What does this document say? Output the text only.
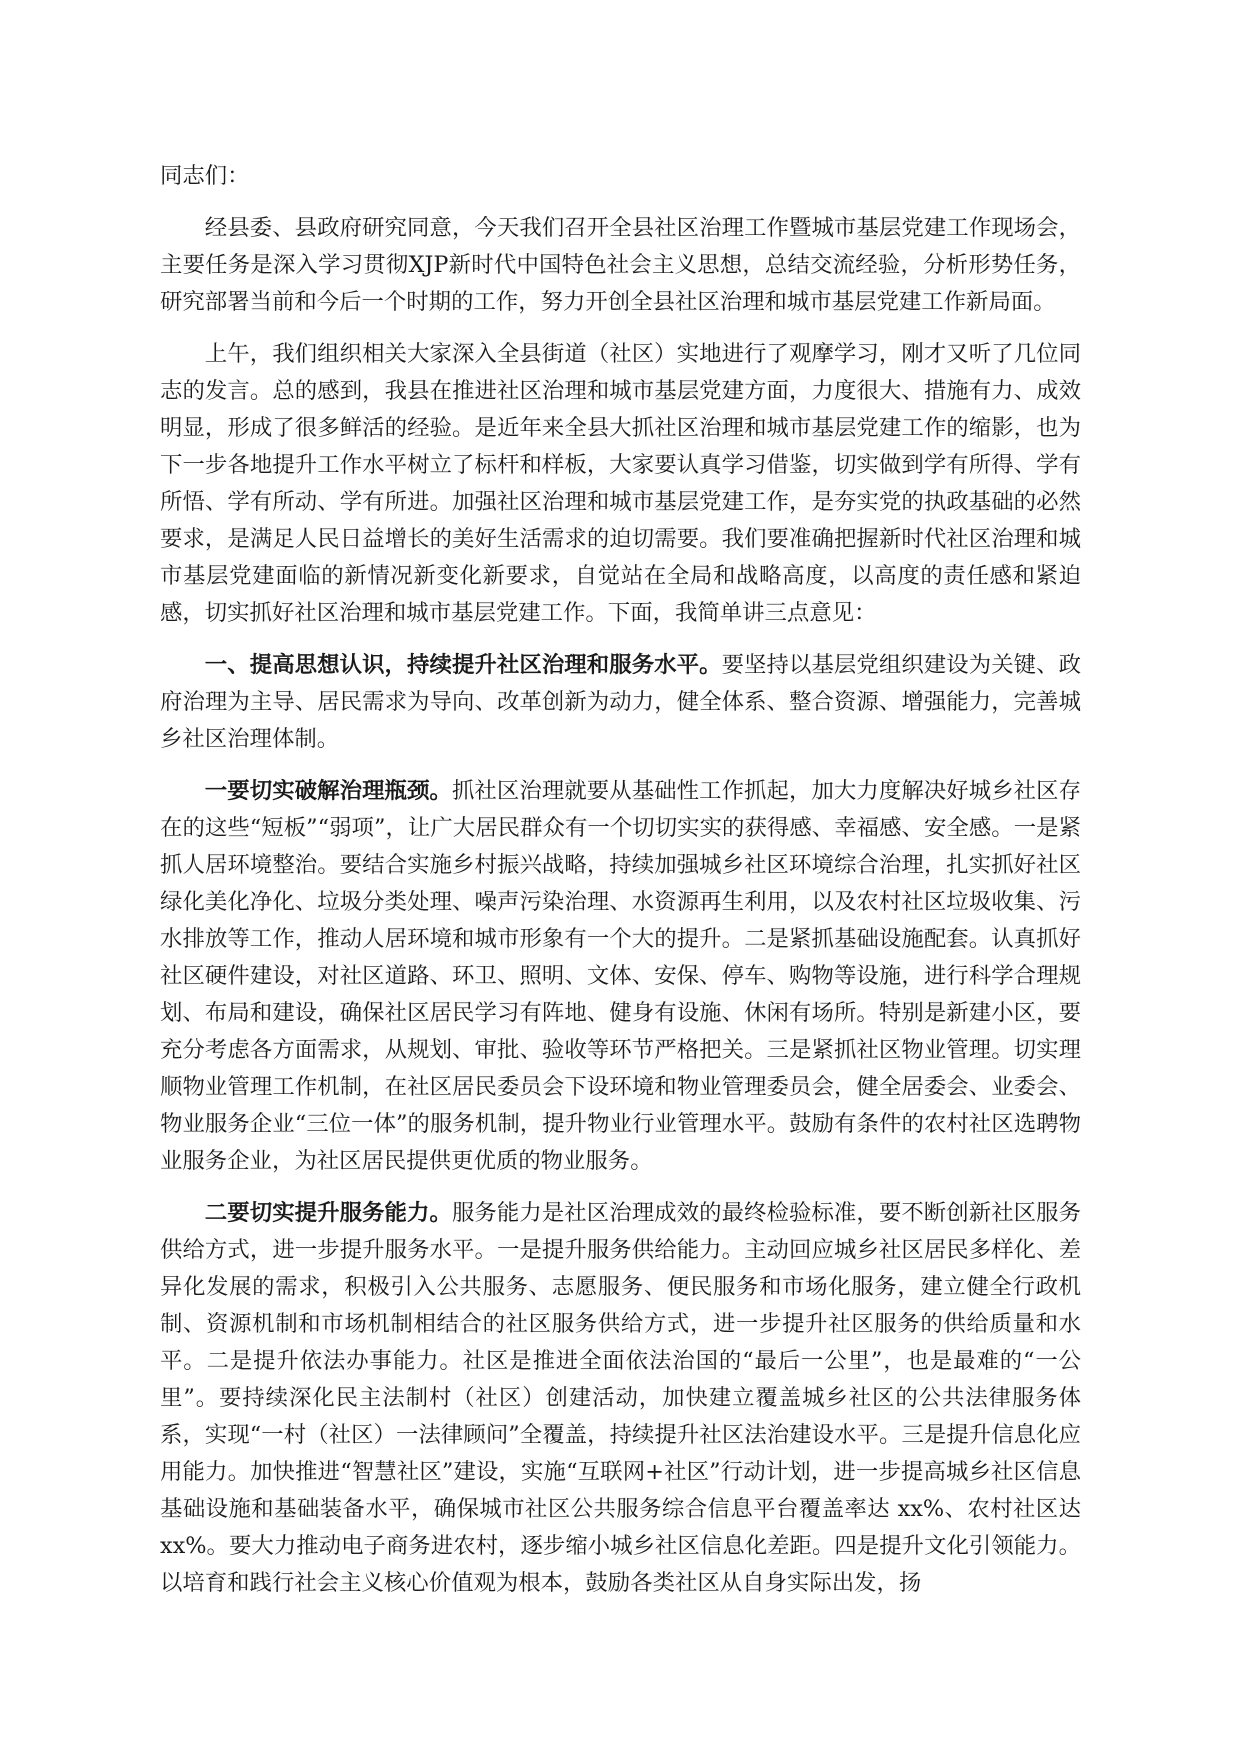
同志们：

经县委、县政府研究同意，今天我们召开全县社区治理工作暨城市基层党建工作现场会，主要任务是深入学习贯彻XJP新时代中国特色社会主义思想，总结交流经验，分析形势任务，研究部署当前和今后一个时期的工作，努力开创全县社区治理和城市基层党建工作新局面。

上午，我们组织相关大家深入全县街道（社区）实地进行了观摩学习，刚才又听了几位同志的发言。总的感到，我县在推进社区治理和城市基层党建方面，力度很大、措施有力、成效明显，形成了很多鲜活的经验。是近年来全县大抓社区治理和城市基层党建工作的缩影，也为下一步各地提升工作水平树立了标杆和样板，大家要认真学习借鉴，切实做到学有所得、学有所悟、学有所动、学有所进。加强社区治理和城市基层党建工作，是夯实党的执政基础的必然要求，是满足人民日益增长的美好生活需求的迫切需要。我们要准确把握新时代社区治理和城市基层党建面临的新情况新变化新要求，自觉站在全局和战略高度，以高度的责任感和紧迫感，切实抓好社区治理和城市基层党建工作。下面，我简单讲三点意见：

一、提高思想认识，持续提升社区治理和服务水平。要坚持以基层党组织建设为关键、政府治理为主导、居民需求为导向、改革创新为动力，健全体系、整合资源、增强能力，完善城乡社区治理体制。

一要切实破解治理瓶颈。抓社区治理就要从基础性工作抓起，加大力度解决好城乡社区存在的这些“短板”“弱项”，让广大居民群众有一个切切实实的获得感、幸福感、安全感。一是紧抓人居环境整治。要结合实施乡村振兴战略，持续加强城乡社区环境综合治理，扎实抓好社区绿化美化净化、垃圾分类处理、噪声污染治理、水资源再生利用，以及农村社区垃圾收集、污水排放等工作，推动人居环境和城市形象有一个大的提升。二是紧抓基础设施配套。认真抓好社区硬件建设，对社区道路、环卫、照明、文体、安保、停车、购物等设施，进行科学合理规划、布局和建设，确保社区居民学习有阵地、健身有设施、休闲有场所。特别是新建小区，要充分考虑各方面需求，从规划、审批、验收等环节严格把关。三是紧抓社区物业管理。切实理顺物业管理工作机制，在社区居民委员会下设环境和物业管理委员会，健全居委会、业委会、物业服务企业“三位一体”的服务机制，提升物业行业管理水平。鼓励有条件的农村社区选聘物业服务企业，为社区居民提供更优质的物业服务。

二要切实提升服务能力。服务能力是社区治理成效的最终检验标准，要不断创新社区服务供给方式，进一步提升服务水平。一是提升服务供给能力。主动回应城乡社区居民多样化、差异化发展的需求，积极引入公共服务、志愿服务、便民服务和市场化服务，建立健全行政机制、资源机制和市场机制相结合的社区服务供给方式，进一步提升社区服务的供给质量和水平。二是提升依法办事能力。社区是推进全面依法治国的“最后一公里”，也是最难的“一公里”。要持续深化民主法制村（社区）创建活动，加快建立覆盖城乡社区的公共法律服务体系，实现“一村（社区）一法律顾问”全覆盖，持续提升社区法治建设水平。三是提升信息化应用能力。加快推进“智慧社区”建设，实施“互联网+社区”行动计划，进一步提高城乡社区信息基础设施和基础装备水平，确保城市社区公共服务综合信息平台覆盖率达 xx%、农村社区达 xx%。要大力推动电子商务进农村，逐步缩小城乡社区信息化差距。四是提升文化引领能力。以培育和践行社会主义核心价值观为根本，鼓励各类社区从自身实际出发，扬
